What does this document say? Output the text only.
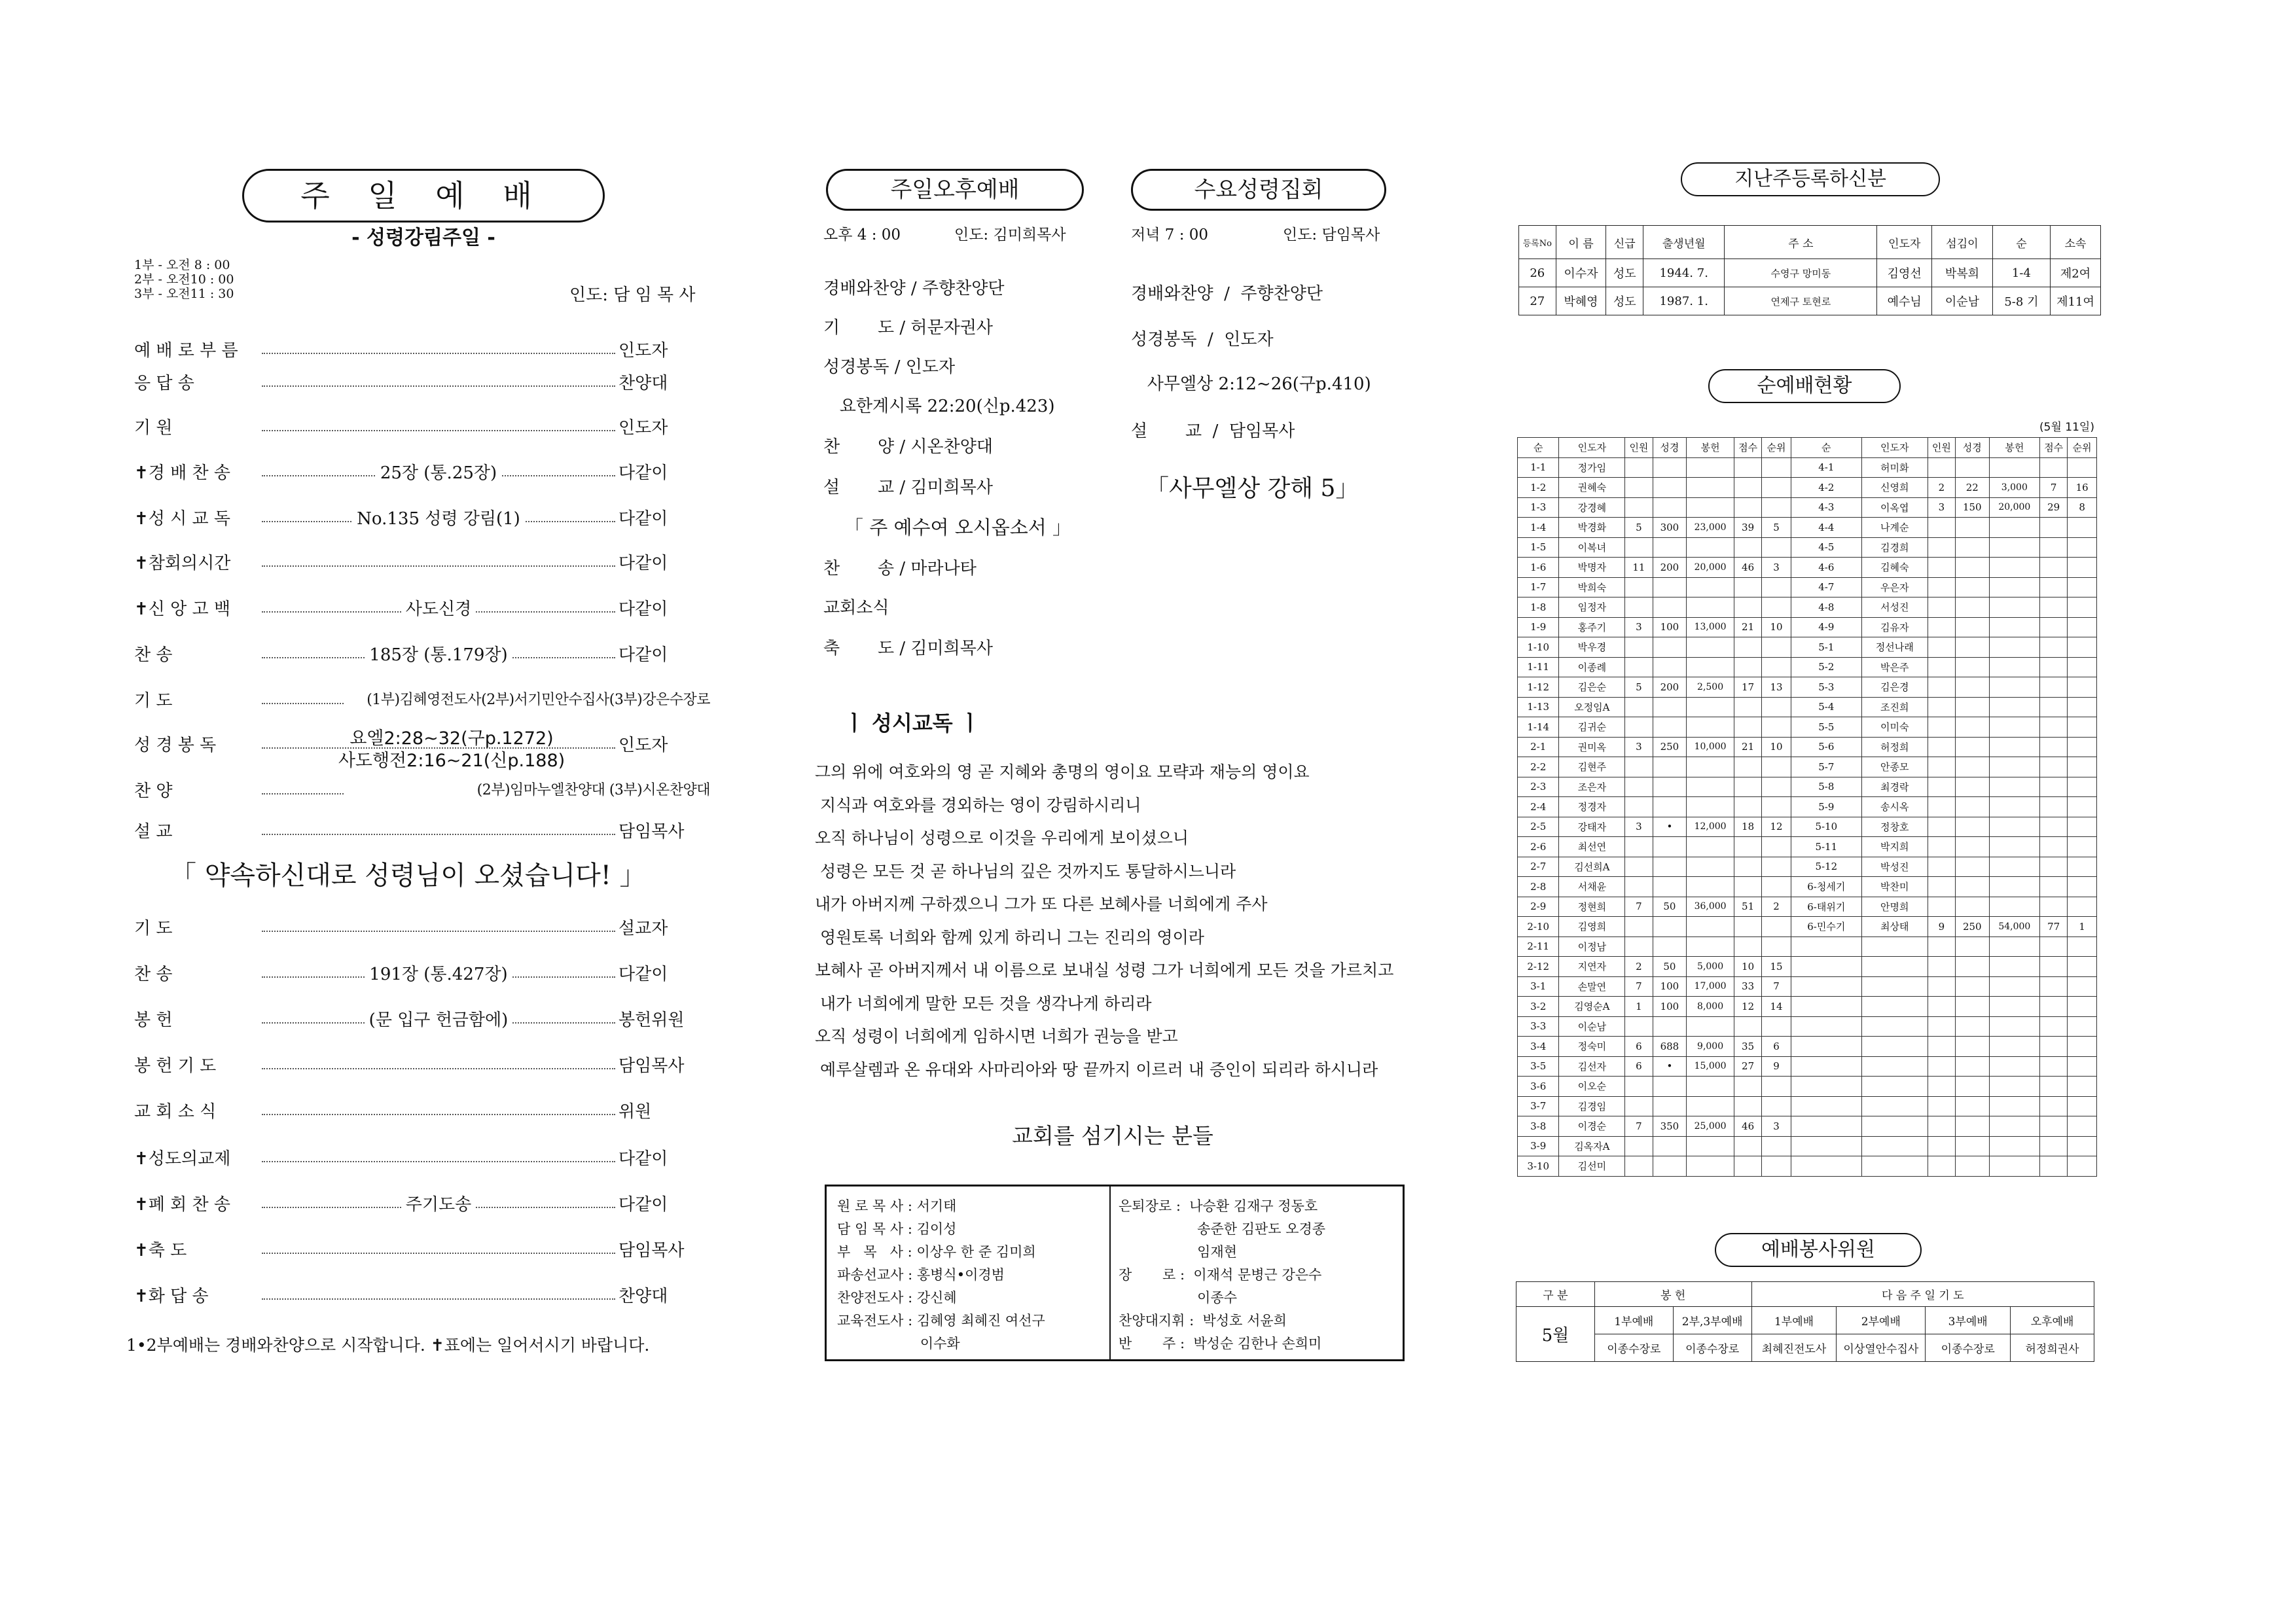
주 일 예 배
- 성령강림주일 -
1부 - 오전 8 : 00
2부 - 오전10 : 00
3부 - 오전11 : 30	인도: 담 임 목 사
예 배 로 부 름	인도자
응 답 송	찬양대
기 원	인도자
✝경 배 찬 송	25장 (통.25장)	다같이
✝성 시 교 독	No.135 성령 강림(1)	다같이
✝참회의시간	다같이
✝신 앙 고 백	사도신경	다같이
찬 송	185장 (통.179장)	다같이
기 도	(1부)김혜영전도사(2부)서기민안수집사(3부)강은수장로
성 경 봉 독	인도자
찬 양	(2부)임마누엘찬양대 (3부)시온찬양대
설 교	담임목사
요엘2:28~32(구p.1272)
사도행전2:16~21(신p.188)
「 약속하신대로 성령님이 오셨습니다! 」
기 도	설교자
찬 송	191장 (통.427장)	다같이
봉 헌	(문 입구 헌금함에)	봉헌위원
봉 헌 기 도	담임목사
교 회 소 식	위원
✝성도의교제	다같이
✝폐 회 찬 송	주기도송	다같이
✝축 도	담임목사
✝화 답 송	찬양대
1•2부예배는 경배와찬양으로 시작합니다. ✝표에는 일어서시기 바랍니다.
주일오후예배
오후 4 : 00	인도: 김미희목사
경배와찬양 / 주향찬양단
기       도 / 허문자권사
성경봉독 / 인도자
요한계시록 22:20(신p.423)
찬       양 / 시온찬양대
설       교 / 김미희목사
「 주 예수여 오시옵소서 」
찬       송 / 마라나타
교회소식
축       도 / 김미희목사
수요성령집회
저녁 7 : 00	인도: 담임목사
경배와찬양  /  주향찬양단
성경봉독  /  인도자
사무엘상 2:12~26(구p.410)
설       교  /  담임목사
「사무엘상 강해 5」
ㅣ 성시교독 ㅣ
그의 위에 여호와의 영 곧 지혜와 총명의 영이요 모략과 재능의 영이요
지식과 여호와를 경외하는 영이 강림하시리니
오직 하나님이 성령으로 이것을 우리에게 보이셨으니
성령은 모든 것 곧 하나님의 깊은 것까지도 통달하시느니라
내가 아버지께 구하겠으니 그가 또 다른 보혜사를 너희에게 주사
영원토록 너희와 함께 있게 하리니 그는 진리의 영이라
보혜사 곧 아버지께서 내 이름으로 보내실 성령 그가 너희에게 모든 것을 가르치고
내가 너희에게 말한 모든 것을 생각나게 하리라
오직 성령이 너희에게 임하시면 너희가 권능을 받고
예루살렘과 온 유대와 사마리아와 땅 끝까지 이르러 내 증인이 되리라 하시니라
교회를 섬기시는 분들
원 로 목 사 : 서기태
담 임 목 사 : 김이성
부   목   사 : 이상우 한 준 김미희
파송선교사 : 홍병식•이경범
찬양전도사 : 강신혜
교육전도사 : 김혜영 최혜진 여선구
이수화
은퇴장로 :  나승환 김재구 정동호
송준한 김판도 오경종
임재현
장       로 :  이재석 문병근 강은수
이종수
찬양대지휘 :  박성호 서윤희
반       주 :  박성순 김한나 손희미
지난주등록하신분
등록No	이 름	신급	출생년월	주 소	인도자	섬김이	순	소속
26	이수자	성도	1944. 7.	수영구 망미동	김영선	박복희	1-4	제2여
27	박혜영	성도	1987. 1.	연제구 토현로	예수님	이순남	5-8 기	제11여
순예배현황
(5월 11일)
순	인도자	인원	성경	봉헌	점수	순위	순	인도자	인원	성경	봉헌	점수	순위
1-1	정가임						4-1	허미화					
1-2	권혜숙						4-2	신영희	2	22	3,000	7	16
1-3	강경혜						4-3	이옥엽	3	150	20,000	29	8
1-4	박경화	5	300	23,000	39	5	4-4	나계순					
1-5	이복녀						4-5	김경희					
1-6	박명자	11	200	20,000	46	3	4-6	김혜숙					
1-7	박희숙						4-7	우은자					
1-8	임정자						4-8	서성진					
1-9	홍주기	3	100	13,000	21	10	4-9	김유자					
1-10	박우경						5-1	정선나래					
1-11	이종례						5-2	박은주					
1-12	김은순	5	200	2,500	17	13	5-3	김은경					
1-13	오정임A						5-4	조진희					
1-14	김귀순						5-5	이미숙					
2-1	권미옥	3	250	10,000	21	10	5-6	허정희					
2-2	김현주						5-7	안종모					
2-3	조은자						5-8	최경락					
2-4	정경자						5-9	송시옥					
2-5	강태자	3	•	12,000	18	12	5-10	정창호					
2-6	최선연						5-11	박지희					
2-7	김선희A						5-12	박성진					
2-8	서채윤						6-청세기	박찬미					
2-9	정현희	7	50	36,000	51	2	6-태위기	안명희					
2-10	김영희						6-민수기	최상태	9	250	54,000	77	1
2-11	이정남												
2-12	지연자	2	50	5,000	10	15							
3-1	손말연	7	100	17,000	33	7							
3-2	김영순A	1	100	8,000	12	14							
3-3	이순남												
3-4	정숙미	6	688	9,000	35	6							
3-5	김선자	6	•	15,000	27	9							
3-6	이오순												
3-7	김경임												
3-8	이경순	7	350	25,000	46	3							
3-9	김옥자A												
3-10	김선미												
예배봉사위원
구 분	봉 헌		다 음 주 일 기 도			
5월	1부예배	2부,3부예배	1부예배	2부예배	3부예배	오후예배
	이종수장로	이종수장로	최혜진전도사	이상열안수집사	이종수장로	허정희권사
